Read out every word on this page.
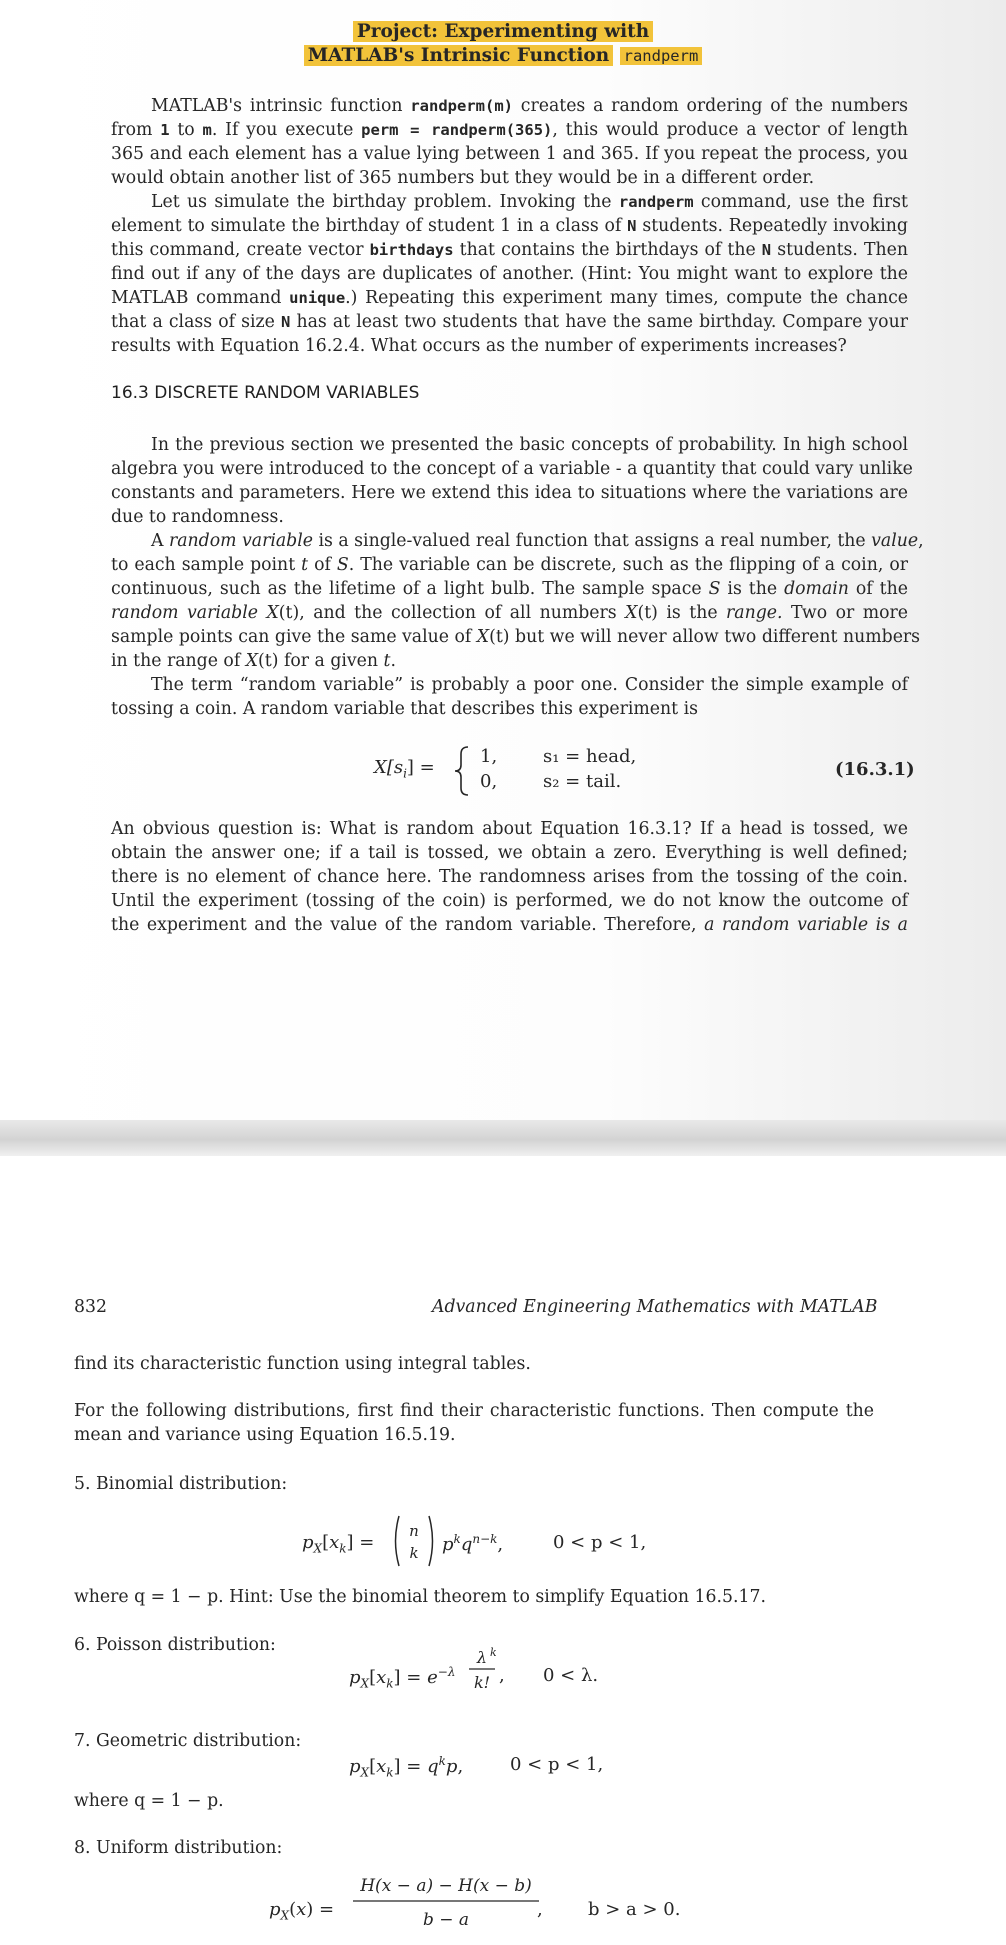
Project: Experimenting with
MATLAB's Intrinsic Function randperm
MATLAB's intrinsic function randperm(m) creates a random ordering of the numbers
from 1 to m. If you execute perm = randperm(365), this would produce a vector of length
365 and each element has a value lying between 1 and 365. If you repeat the process, you
would obtain another list of 365 numbers but they would be in a different order.
Let us simulate the birthday problem. Invoking the randperm command, use the first
element to simulate the birthday of student 1 in a class of N students. Repeatedly invoking
this command, create vector birthdays that contains the birthdays of the N students. Then
find out if any of the days are duplicates of another. (Hint: You might want to explore the
MATLAB command unique.) Repeating this experiment many times, compute the chance
that a class of size N has at least two students that have the same birthday. Compare your
results with Equation 16.2.4. What occurs as the number of experiments increases?
16.3 DISCRETE RANDOM VARIABLES
In the previous section we presented the basic concepts of probability. In high school
algebra you were introduced to the concept of a variable - a quantity that could vary unlike
constants and parameters. Here we extend this idea to situations where the variations are
due to randomness.
A random variable is a single-valued real function that assigns a real number, the value,
to each sample point t of S. The variable can be discrete, such as the flipping of a coin, or
continuous, such as the lifetime of a light bulb. The sample space S is the domain of the
random variable X(t), and the collection of all numbers X(t) is the range. Two or more
sample points can give the same value of X(t) but we will never allow two different numbers
in the range of X(t) for a given t.
The term “random variable” is probably a poor one. Consider the simple example of
tossing a coin. A random variable that describes this experiment is
$X[s_i]$ =
1,
0,
s₁ = head,
s₂ = tail.
(16.3.1)
An obvious question is: What is random about Equation 16.3.1? If a head is tossed, we
obtain the answer one; if a tail is tossed, we obtain a zero. Everything is well defined;
there is no element of chance here. The randomness arises from the tossing of the coin.
Until the experiment (tossing of the coin) is performed, we do not know the outcome of
the experiment and the value of the random variable. Therefore, a random variable is a
832	Advanced Engineering Mathematics with MATLAB
find its characteristic function using integral tables.
For the following distributions, first find their characteristic functions. Then compute the
mean and variance using Equation 16.5.19.
5. Binomial distribution:
$p_X[x_k]$ =
n
k $p^kq^{n-k}$,	0 < p < 1,
where q = 1 − p. Hint: Use the binomial theorem to simplify Equation 16.5.17.
6. Poisson distribution:
$p_X[x_k] = e^{-\lambda}$
λ k
k! , 0 < λ.
7. Geometric distribution:
$p_X[x_k] = q^kp$,	0 < p < 1,
where q = 1 − p.
8. Uniform distribution:
$p_X(x)$ =
H(x − a) − H(x − b)
b − a	,	b > a > 0.
